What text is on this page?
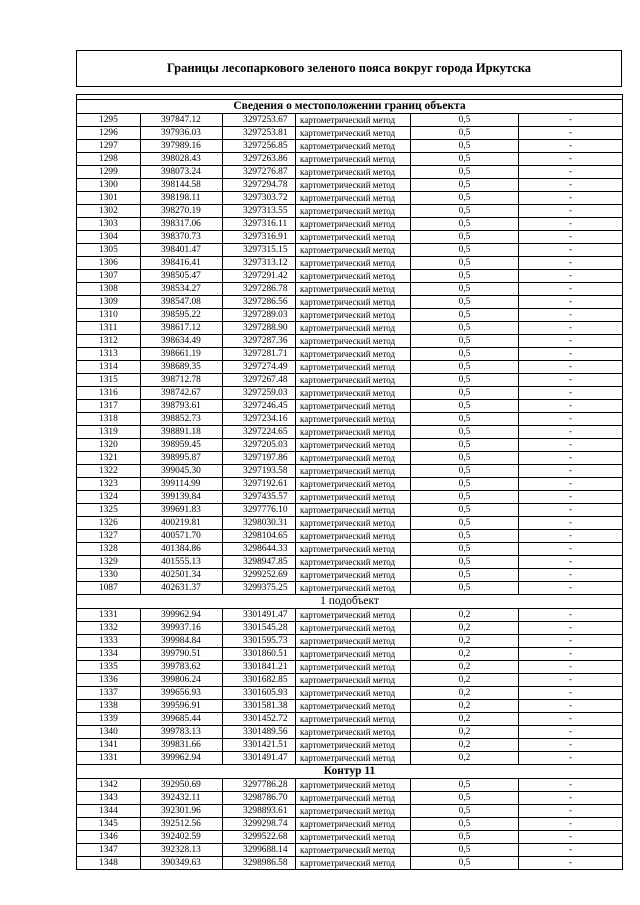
Границы лесопаркового зеленого пояса вокруг города Иркутска

Сведения о местоположении границ объекта					
1295	397847.12	3297253.67	картометрический метод	0,5	-
1296	397936.03	3297253.81	картометрический метод	0,5	-
1297	397989.16	3297256.85	картометрический метод	0,5	-
1298	398028.43	3297263.86	картометрический метод	0,5	-
1299	398073.24	3297276.87	картометрический метод	0,5	-
1300	398144.58	3297294.78	картометрический метод	0,5	-
1301	398198.11	3297303.72	картометрический метод	0,5	-
1302	398270.19	3297313.55	картометрический метод	0,5	-
1303	398317.06	3297316.11	картометрический метод	0,5	-
1304	398370.73	3297316.91	картометрический метод	0,5	-
1305	398401.47	3297315.15	картометрический метод	0,5	-
1306	398416.41	3297313.12	картометрический метод	0,5	-
1307	398505.47	3297291.42	картометрический метод	0,5	-
1308	398534.27	3297286.78	картометрический метод	0,5	-
1309	398547.08	3297286.56	картометрический метод	0,5	-
1310	398595.22	3297289.03	картометрический метод	0,5	-
1311	398617.12	3297288.90	картометрический метод	0,5	-
1312	398634.49	3297287.36	картометрический метод	0,5	-
1313	398661.19	3297281.71	картометрический метод	0,5	-
1314	398689.35	3297274.49	картометрический метод	0,5	-
1315	398712.78	3297267.48	картометрический метод	0,5	-
1316	398742.67	3297259.03	картометрический метод	0,5	-
1317	398793.61	3297246.45	картометрический метод	0,5	-
1318	398852.73	3297234.16	картометрический метод	0,5	-
1319	398891.18	3297224.65	картометрический метод	0,5	-
1320	398959.45	3297205.03	картометрический метод	0,5	-
1321	398995.87	3297197.86	картометрический метод	0,5	-
1322	399045.30	3297193.58	картометрический метод	0,5	-
1323	399114.99	3297192.61	картометрический метод	0,5	-
1324	399139.84	3297435.57	картометрический метод	0,5	-
1325	399691.83	3297776.10	картометрический метод	0,5	-
1326	400219.81	3298030.31	картометрический метод	0,5	-
1327	400571.70	3298104.65	картометрический метод	0,5	-
1328	401384.86	3298644.33	картометрический метод	0,5	-
1329	401555.13	3298947.85	картометрический метод	0,5	-
1330	402501.34	3299252.69	картометрический метод	0,5	-
1087	402631.37	3299375.25	картометрический метод	0,5	-
1 подобъект					
1331	399962.94	3301491.47	картометрический метод	0,2	-
1332	399937.16	3301545.28	картометрический метод	0,2	-
1333	399984.84	3301595.73	картометрический метод	0,2	-
1334	399790.51	3301860.51	картометрический метод	0,2	-
1335	399783.62	3301841.21	картометрический метод	0,2	-
1336	399806.24	3301682.85	картометрический метод	0,2	-
1337	399656.93	3301605.93	картометрический метод	0,2	-
1338	399596.91	3301581.38	картометрический метод	0,2	-
1339	399685.44	3301452.72	картометрический метод	0,2	-
1340	399783.13	3301489.56	картометрический метод	0,2	-
1341	399831.66	3301421.51	картометрический метод	0,2	-
1331	399962.94	3301491.47	картометрический метод	0,2	-
Контур 11					
1342	392950.69	3297786.28	картометрический метод	0,5	-
1343	392432.11	3298786.70	картометрический метод	0,5	-
1344	392301.96	3298893.61	картометрический метод	0,5	-
1345	392512.56	3299298.74	картометрический метод	0,5	-
1346	392402.59	3299522.68	картометрический метод	0,5	-
1347	392328.13	3299688.14	картометрический метод	0,5	-
1348	390349.63	3298986.58	картометрический метод	0,5	-
